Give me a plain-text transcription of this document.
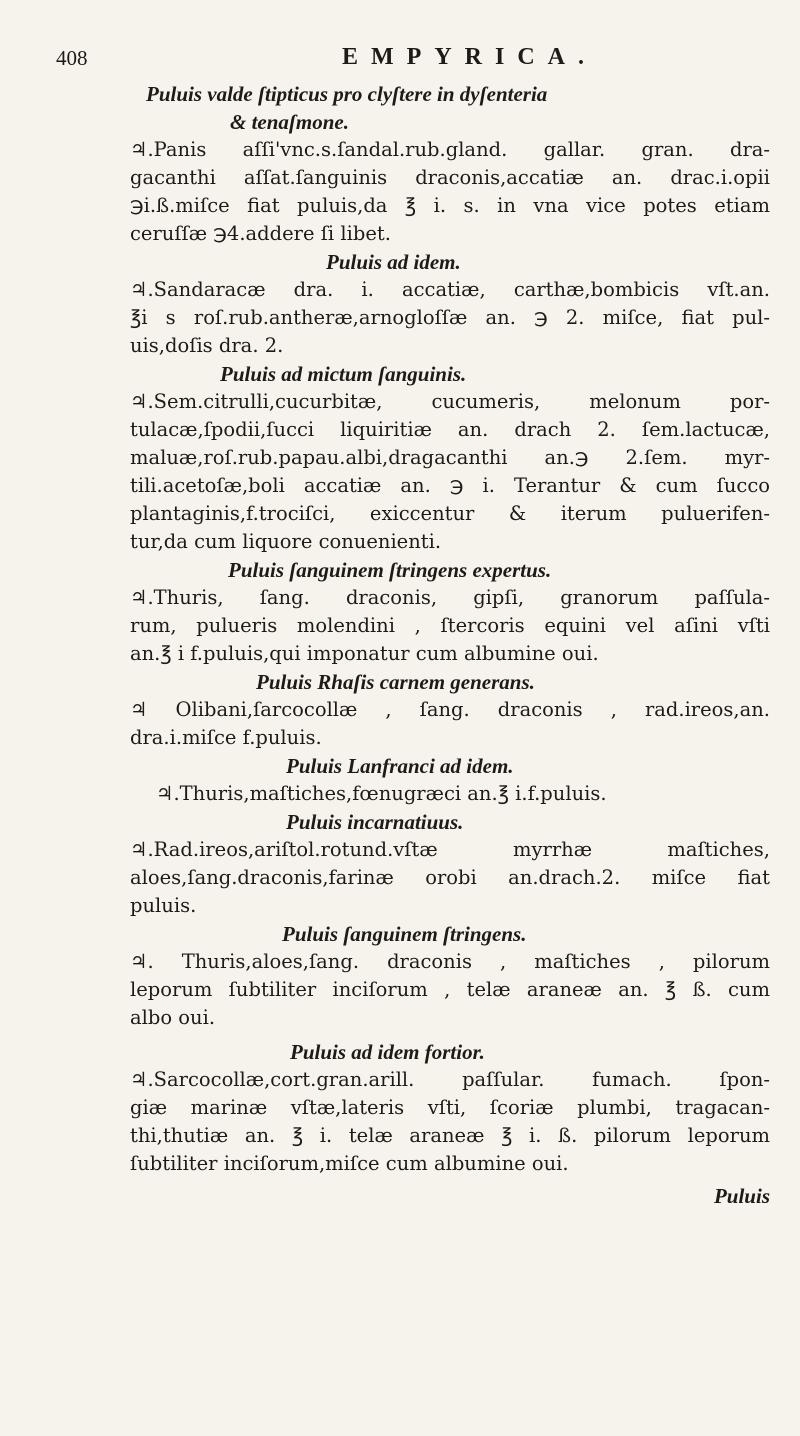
408	EMPYRICA.
Puluis valde ſtipticus pro clyſtere in dyſenteria
& tenaſmone.
♃.Panis aſſi'vnc.s.ſandal.rub.gland. gallar. gran. dra-
gacanthi aſſat.ſanguinis draconis,accatiæ an. drac.i.opii
℈i.ß.miſce fiat puluis,da ℥ i. s. in vna vice potes etiam
ceruſſæ ℈4.addere ſi libet.
Puluis ad idem.
♃.Sandaracæ dra. i. accatiæ, carthæ,bombicis vſt.an.
℥i s roſ.rub.antheræ,arnogloſſæ an. ℈ 2. miſce, fiat pul-
uis,doſis dra. 2.
Puluis ad mictum ſanguinis.
♃.Sem.citrulli,cucurbitæ, cucumeris, melonum por-
tulacæ,ſpodii,ſucci liquiritiæ an. drach 2. ſem.lactucæ,
maluæ,roſ.rub.papau.albi,dragacanthi an.℈ 2.ſem. myr-
tili.acetoſæ,boli accatiæ an. ℈ i. Terantur & cum ſucco
plantaginis,f.trociſci, exiccentur & iterum puluerifen-
tur,da cum liquore conuenienti.
Puluis ſanguinem ſtringens expertus.
♃.Thuris, ſang. draconis, gipſi, granorum paſſula-
rum, pulueris molendini , ſtercoris equini vel aſini vſti
an.℥ i f.puluis,qui imponatur cum albumine oui.
Puluis Rhaſis carnem generans.
♃ Olibani,ſarcocollæ , ſang. draconis , rad.ireos,an.
dra.i.miſce f.puluis.
Puluis Lanfranci ad idem.
♃.Thuris,maſtiches,fœnugræci an.℥ i.f.puluis.
Puluis incarnatiuus.
♃.Rad.ireos,ariſtol.rotund.vſtæ myrrhæ maſtiches,
aloes,ſang.draconis,farinæ orobi an.drach.2. miſce fiat
puluis.
Puluis ſanguinem ſtringens.
♃. Thuris,aloes,ſang. draconis , maſtiches , pilorum
leporum ſubtiliter inciſorum , telæ araneæ an. ℥ ß. cum
albo oui.
Puluis ad idem fortior.
♃.Sarcocollæ,cort.gran.arill. paſſular. fumach. ſpon-
giæ marinæ vſtæ,lateris vſti, ſcoriæ plumbi, tragacan-
thi,thutiæ an. ℥ i. telæ araneæ ℥ i. ß. pilorum leporum
ſubtiliter inciſorum,miſce cum albumine oui.
Puluis
